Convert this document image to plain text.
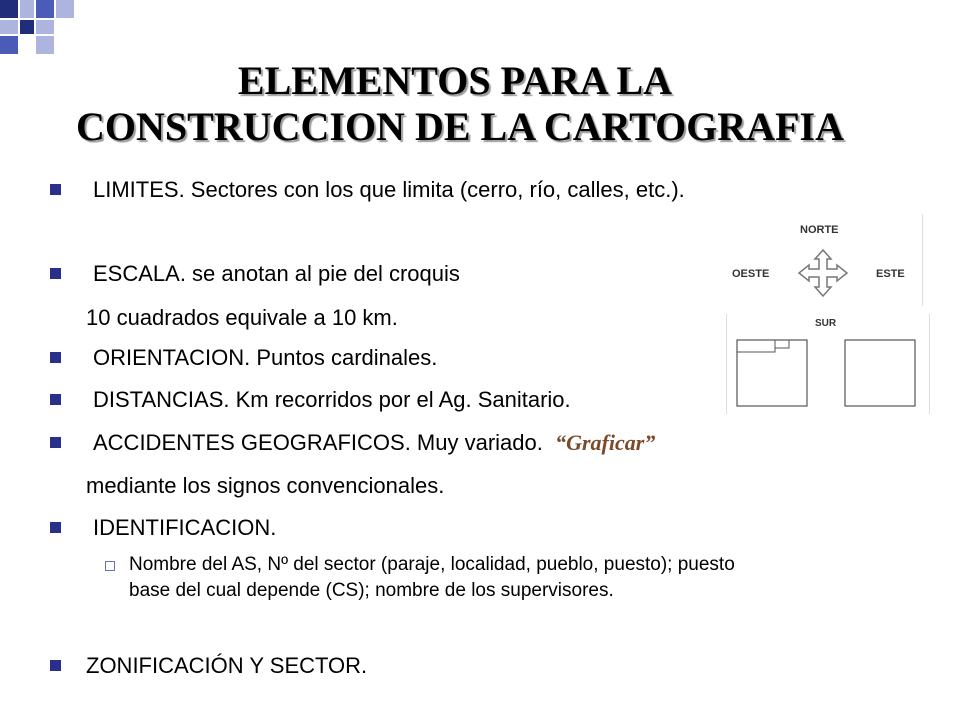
ELEMENTOS PARA LA
CONSTRUCCION DE LA CARTOGRAFIA
LIMITES. Sectores con los que limita (cerro, río, calles, etc.).
ESCALA. se anotan al pie del croquis
10 cuadrados equivale a 10 km.
ORIENTACION. Puntos cardinales.
DISTANCIAS. Km recorridos por el Ag. Sanitario.
ACCIDENTES GEOGRAFICOS. Muy variado.  “Graficar”
mediante los signos convencionales.
IDENTIFICACION.
Nombre del AS, Nº del sector (paraje, localidad, pueblo, puesto); puesto
base del cual depende (CS); nombre de los supervisores.
ZONIFICACIÓN Y SECTOR.
NORTE
OESTE	ESTE
SUR
